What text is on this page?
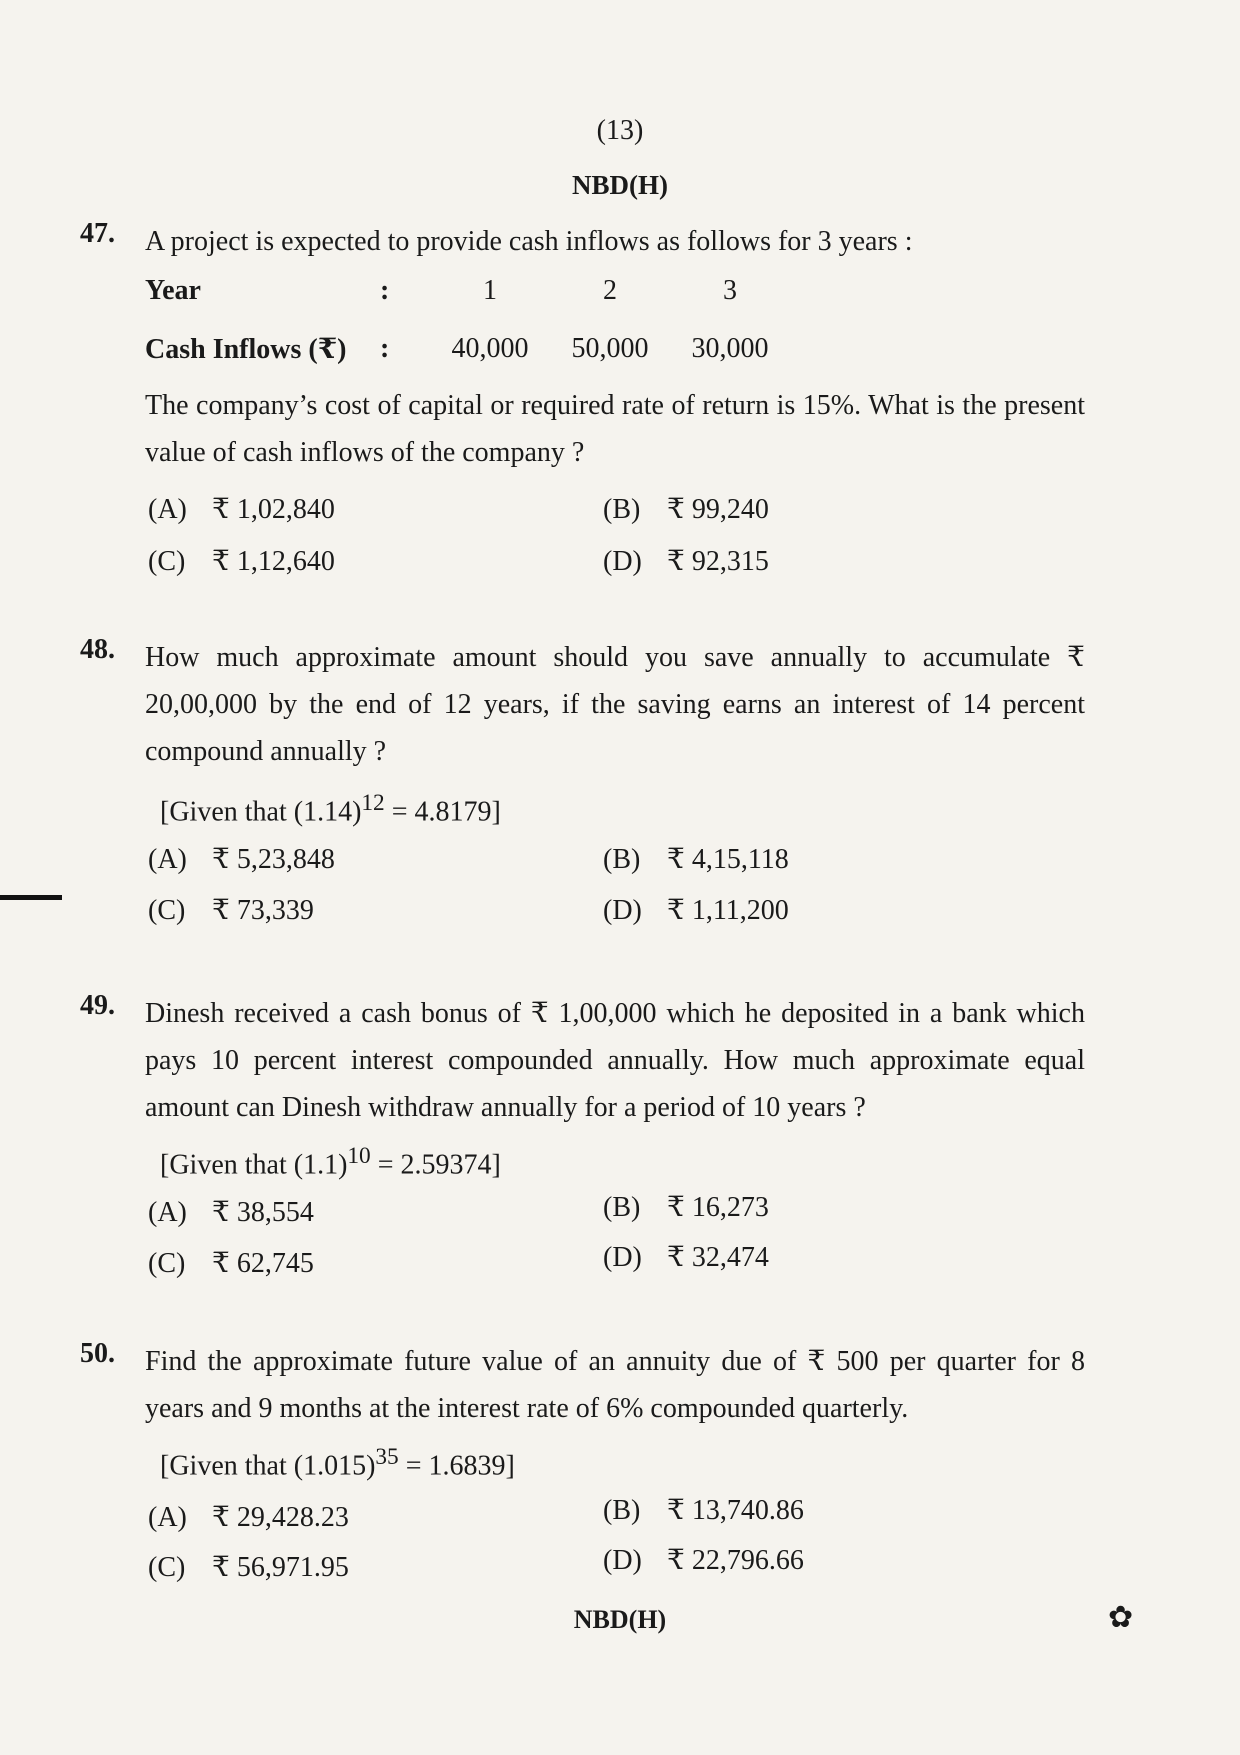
(13)
NBD(H)
47. A project is expected to provide cash inflows as follows for 3 years :
Year	:	1	2	3
Cash Inflows (₹)	:	40,000	50,000	30,000
The company’s cost of capital or required rate of return is 15%. What is the present value of cash inflows of the company ?
(A) ₹ 1,02,840	(B) ₹ 99,240
(C) ₹ 1,12,640	(D) ₹ 92,315
48. How much approximate amount should you save annually to accumulate ₹ 20,00,000 by the end of 12 years, if the saving earns an interest of 14 percent compound annually ?
[Given that $(1.14)^{12} = 4.8179$]
(A) ₹ 5,23,848	(B) ₹ 4,15,118
(C) ₹ 73,339	(D) ₹ 1,11,200
49. Dinesh received a cash bonus of ₹ 1,00,000 which he deposited in a bank which pays 10 percent interest compounded annually. How much approximate equal amount can Dinesh withdraw annually for a period of 10 years ?
[Given that $(1.1)^{10} = 2.59374$]
(A) ₹ 38,554	(B) ₹ 16,273
(C) ₹ 62,745	(D) ₹ 32,474
50. Find the approximate future value of an annuity due of ₹ 500 per quarter for 8 years and 9 months at the interest rate of 6% compounded quarterly.
[Given that $(1.015)^{35} = 1.6839$]
(A) ₹ 29,428.23	(B) ₹ 13,740.86
(C) ₹ 56,971.95	(D) ₹ 22,796.66
NBD(H)	✿
